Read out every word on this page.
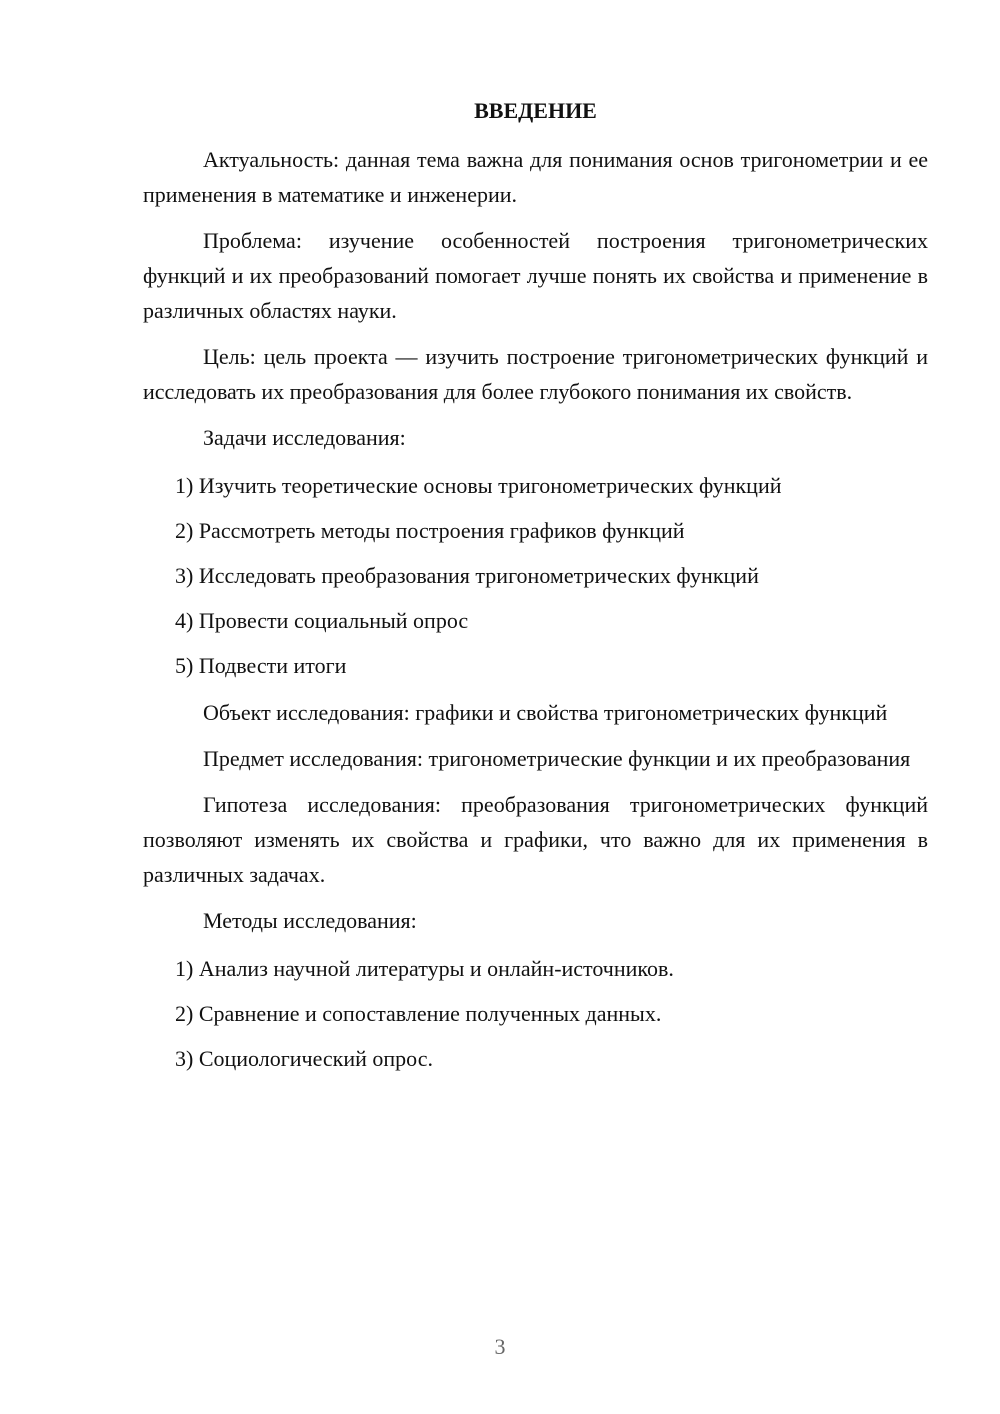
ВВЕДЕНИЕ

Актуальность: данная тема важна для понимания основ тригонометрии и ее применения в математике и инженерии.

Проблема: изучение особенностей построения тригонометрических функций и их преобразований помогает лучше понять их свойства и применение в различных областях науки.

Цель: цель проекта — изучить построение тригонометрических функций и исследовать их преобразования для более глубокого понимания их свойств.

Задачи исследования:

1) Изучить теоретические основы тригонометрических функций
2) Рассмотреть методы построения графиков функций
3) Исследовать преобразования тригонометрических функций
4) Провести социальный опрос
5) Подвести итоги

Объект исследования: графики и свойства тригонометрических функций

Предмет исследования: тригонометрические функции и их преобразования

Гипотеза исследования: преобразования тригонометрических функций позволяют изменять их свойства и графики, что важно для их применения в различных задачах.

Методы исследования:

1) Анализ научной литературы и онлайн-источников.
2) Сравнение и сопоставление полученных данных.
3) Социологический опрос.
3
